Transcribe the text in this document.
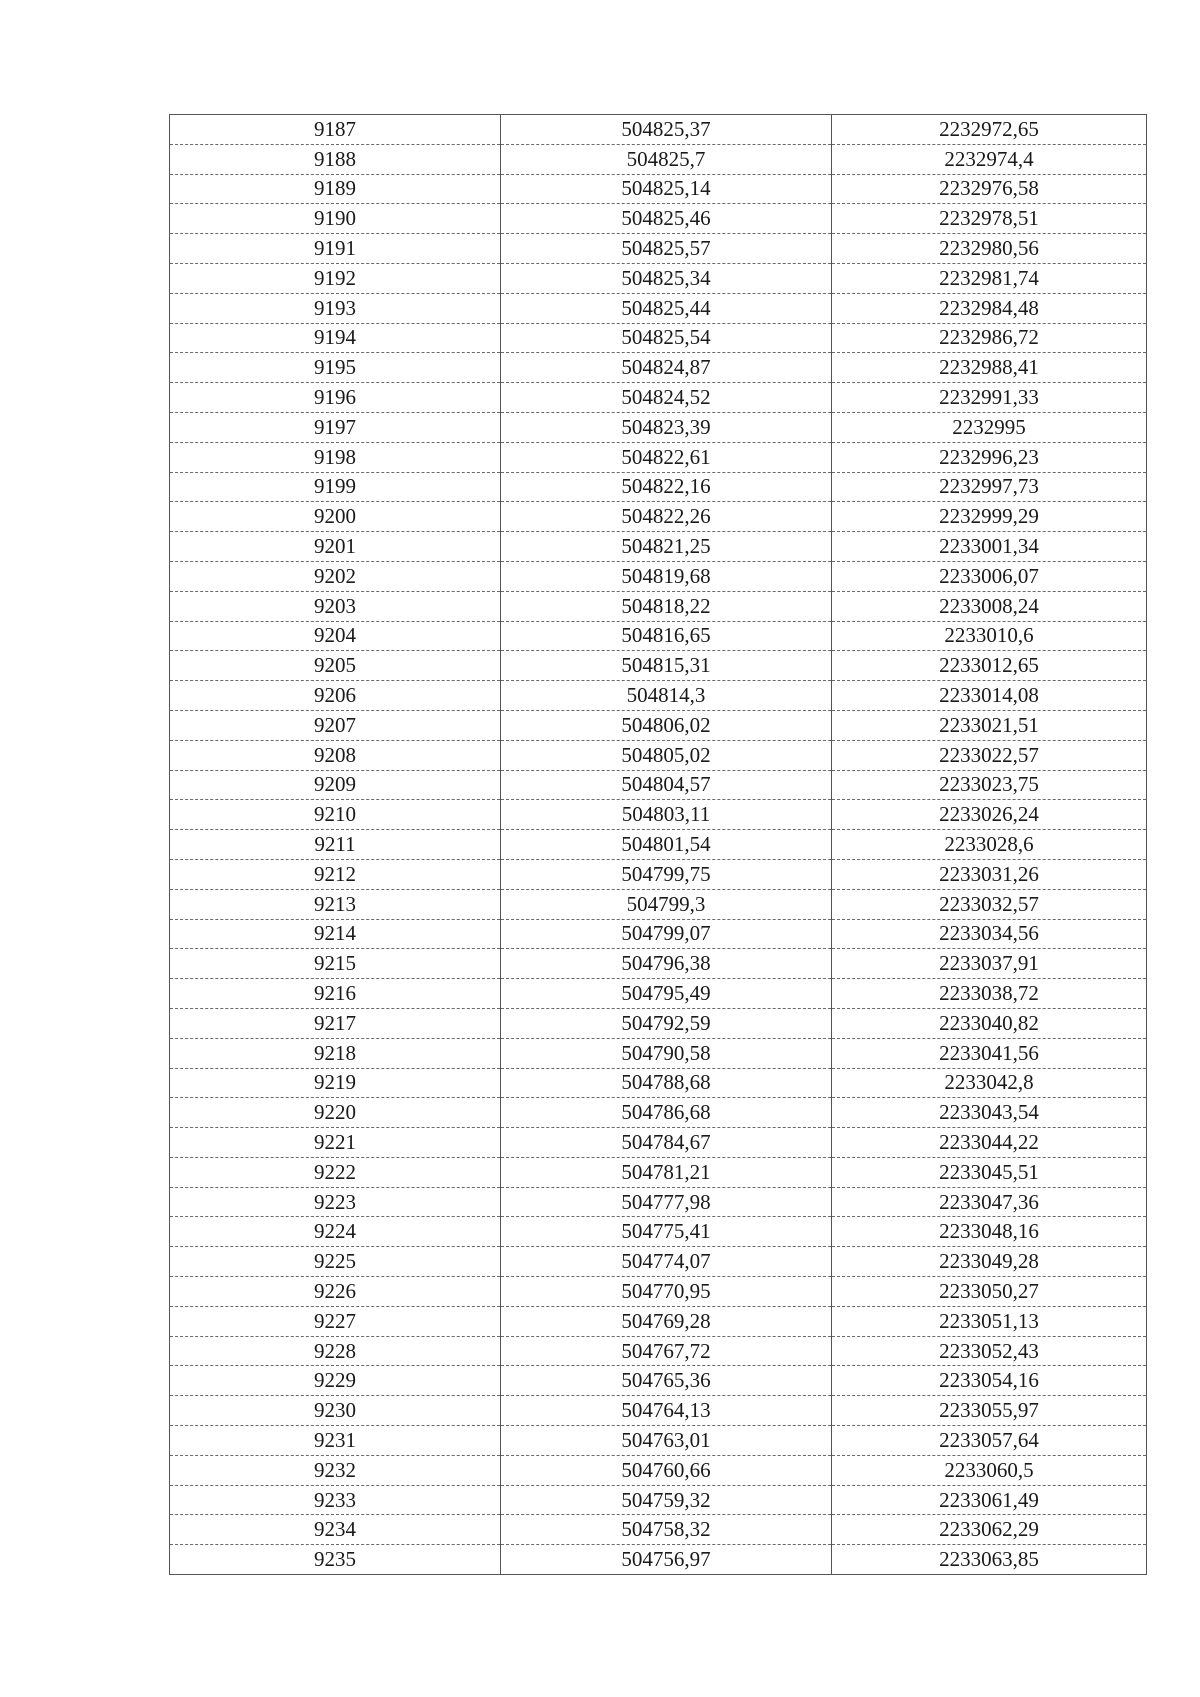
9187	504825,37	2232972,65
9188	504825,7	2232974,4
9189	504825,14	2232976,58
9190	504825,46	2232978,51
9191	504825,57	2232980,56
9192	504825,34	2232981,74
9193	504825,44	2232984,48
9194	504825,54	2232986,72
9195	504824,87	2232988,41
9196	504824,52	2232991,33
9197	504823,39	2232995
9198	504822,61	2232996,23
9199	504822,16	2232997,73
9200	504822,26	2232999,29
9201	504821,25	2233001,34
9202	504819,68	2233006,07
9203	504818,22	2233008,24
9204	504816,65	2233010,6
9205	504815,31	2233012,65
9206	504814,3	2233014,08
9207	504806,02	2233021,51
9208	504805,02	2233022,57
9209	504804,57	2233023,75
9210	504803,11	2233026,24
9211	504801,54	2233028,6
9212	504799,75	2233031,26
9213	504799,3	2233032,57
9214	504799,07	2233034,56
9215	504796,38	2233037,91
9216	504795,49	2233038,72
9217	504792,59	2233040,82
9218	504790,58	2233041,56
9219	504788,68	2233042,8
9220	504786,68	2233043,54
9221	504784,67	2233044,22
9222	504781,21	2233045,51
9223	504777,98	2233047,36
9224	504775,41	2233048,16
9225	504774,07	2233049,28
9226	504770,95	2233050,27
9227	504769,28	2233051,13
9228	504767,72	2233052,43
9229	504765,36	2233054,16
9230	504764,13	2233055,97
9231	504763,01	2233057,64
9232	504760,66	2233060,5
9233	504759,32	2233061,49
9234	504758,32	2233062,29
9235	504756,97	2233063,85
